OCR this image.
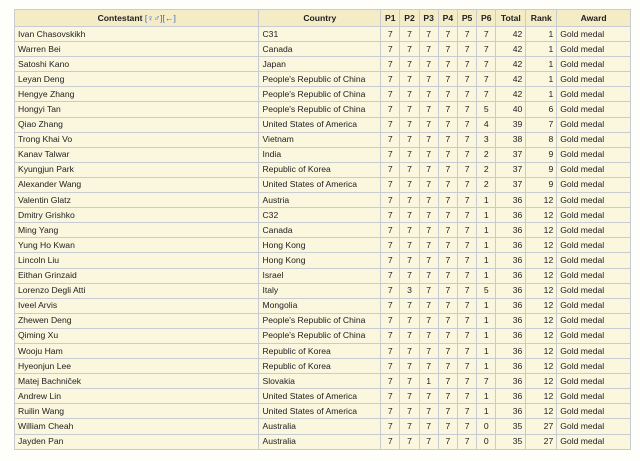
Contestant [♀♂][←]	Country	P1	P2	P3	P4	P5	P6	Total	Rank	Award
Ivan Chasovskikh	C31	7	7	7	7	7	7	42	1	Gold medal
Warren Bei	Canada	7	7	7	7	7	7	42	1	Gold medal
Satoshi Kano	Japan	7	7	7	7	7	7	42	1	Gold medal
Leyan Deng	People's Republic of China	7	7	7	7	7	7	42	1	Gold medal
Hengye Zhang	People's Republic of China	7	7	7	7	7	7	42	1	Gold medal
Hongyi Tan	People's Republic of China	7	7	7	7	7	5	40	6	Gold medal
Qiao Zhang	United States of America	7	7	7	7	7	4	39	7	Gold medal
Trong Khai Vo	Vietnam	7	7	7	7	7	3	38	8	Gold medal
Kanav Talwar	India	7	7	7	7	7	2	37	9	Gold medal
Kyungjun Park	Republic of Korea	7	7	7	7	7	2	37	9	Gold medal
Alexander Wang	United States of America	7	7	7	7	7	2	37	9	Gold medal
Valentin Glatz	Austria	7	7	7	7	7	1	36	12	Gold medal
Dmitry Grishko	C32	7	7	7	7	7	1	36	12	Gold medal
Ming Yang	Canada	7	7	7	7	7	1	36	12	Gold medal
Yung Ho Kwan	Hong Kong	7	7	7	7	7	1	36	12	Gold medal
Lincoln Liu	Hong Kong	7	7	7	7	7	1	36	12	Gold medal
Eithan Grinzaid	Israel	7	7	7	7	7	1	36	12	Gold medal
Lorenzo Degli Atti	Italy	7	3	7	7	7	5	36	12	Gold medal
Iveel Arvis	Mongolia	7	7	7	7	7	1	36	12	Gold medal
Zhewen Deng	People's Republic of China	7	7	7	7	7	1	36	12	Gold medal
Qiming Xu	People's Republic of China	7	7	7	7	7	1	36	12	Gold medal
Wooju Ham	Republic of Korea	7	7	7	7	7	1	36	12	Gold medal
Hyeonjun Lee	Republic of Korea	7	7	7	7	7	1	36	12	Gold medal
Matej Bachniček	Slovakia	7	7	1	7	7	7	36	12	Gold medal
Andrew Lin	United States of America	7	7	7	7	7	1	36	12	Gold medal
Ruilin Wang	United States of America	7	7	7	7	7	1	36	12	Gold medal
William Cheah	Australia	7	7	7	7	7	0	35	27	Gold medal
Jayden Pan	Australia	7	7	7	7	7	0	35	27	Gold medal
